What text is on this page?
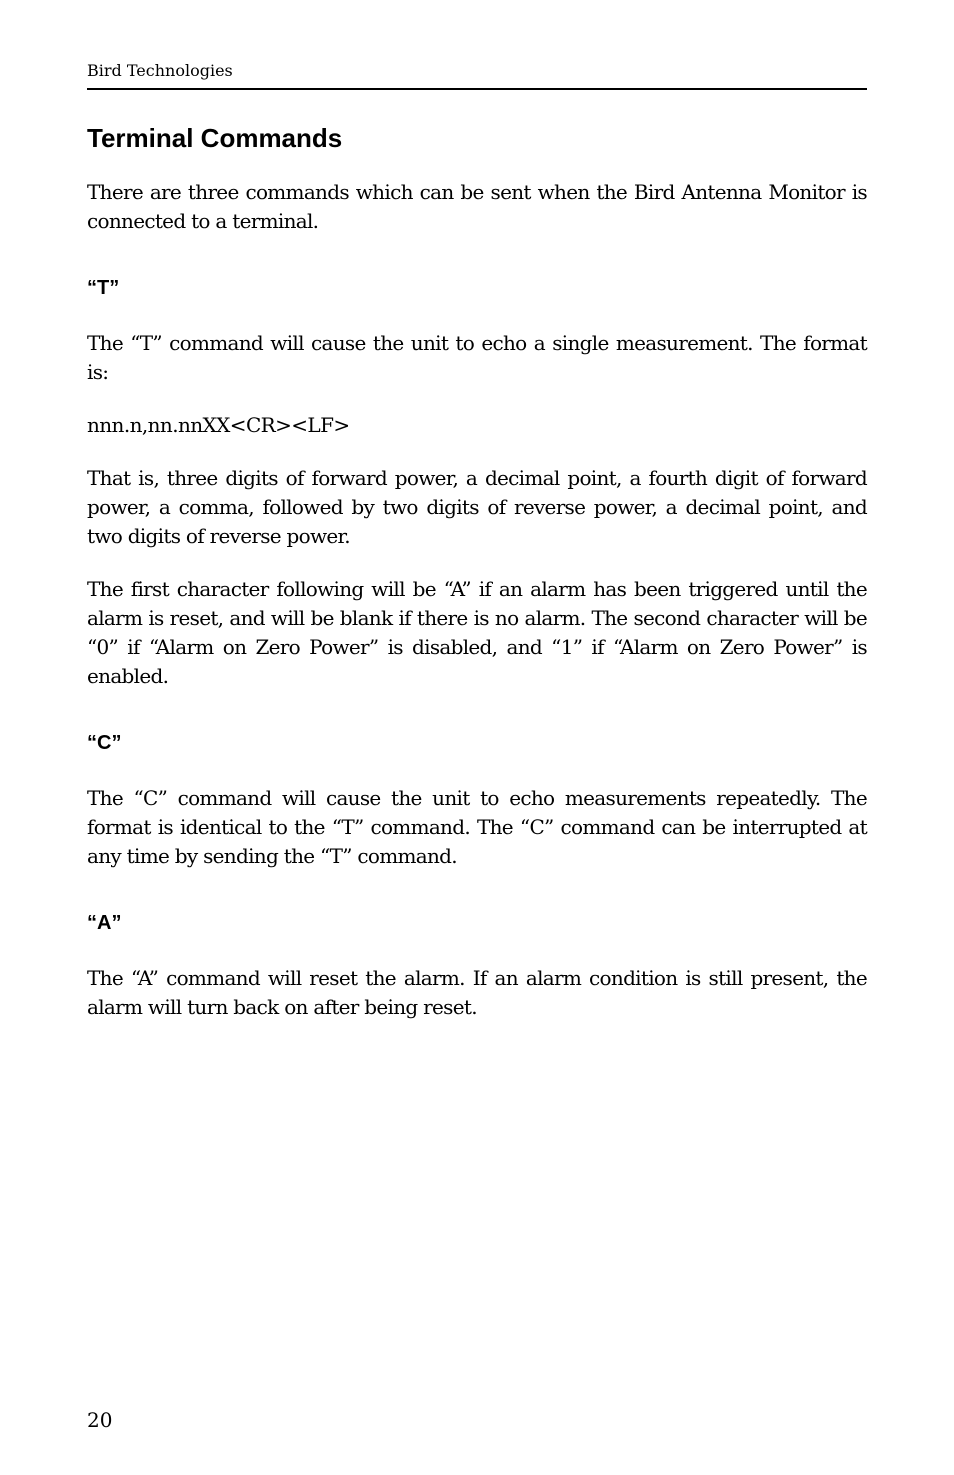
Bird Technologies
Terminal Commands

There are three commands which can be sent when the Bird Antenna Monitor is connected to a terminal.

“T”

The “T” command will cause the unit to echo a single measurement. The format is:

nnn.n,nn.nnXX<CR><LF>

That is, three digits of forward power, a decimal point, a fourth digit of forward power, a comma, followed by two digits of reverse power, a decimal point, and two digits of reverse power.

The first character following will be “A” if an alarm has been triggered until the alarm is reset, and will be blank if there is no alarm. The second character will be “0” if “Alarm on Zero Power” is disabled, and “1” if “Alarm on Zero Power” is enabled.

“C”

The “C” command will cause the unit to echo measurements repeatedly. The format is identical to the “T” command. The “C” command can be interrupted at any time by sending the “T” command.

“A”

The “A” command will reset the alarm. If an alarm condition is still present, the alarm will turn back on after being reset.

20
